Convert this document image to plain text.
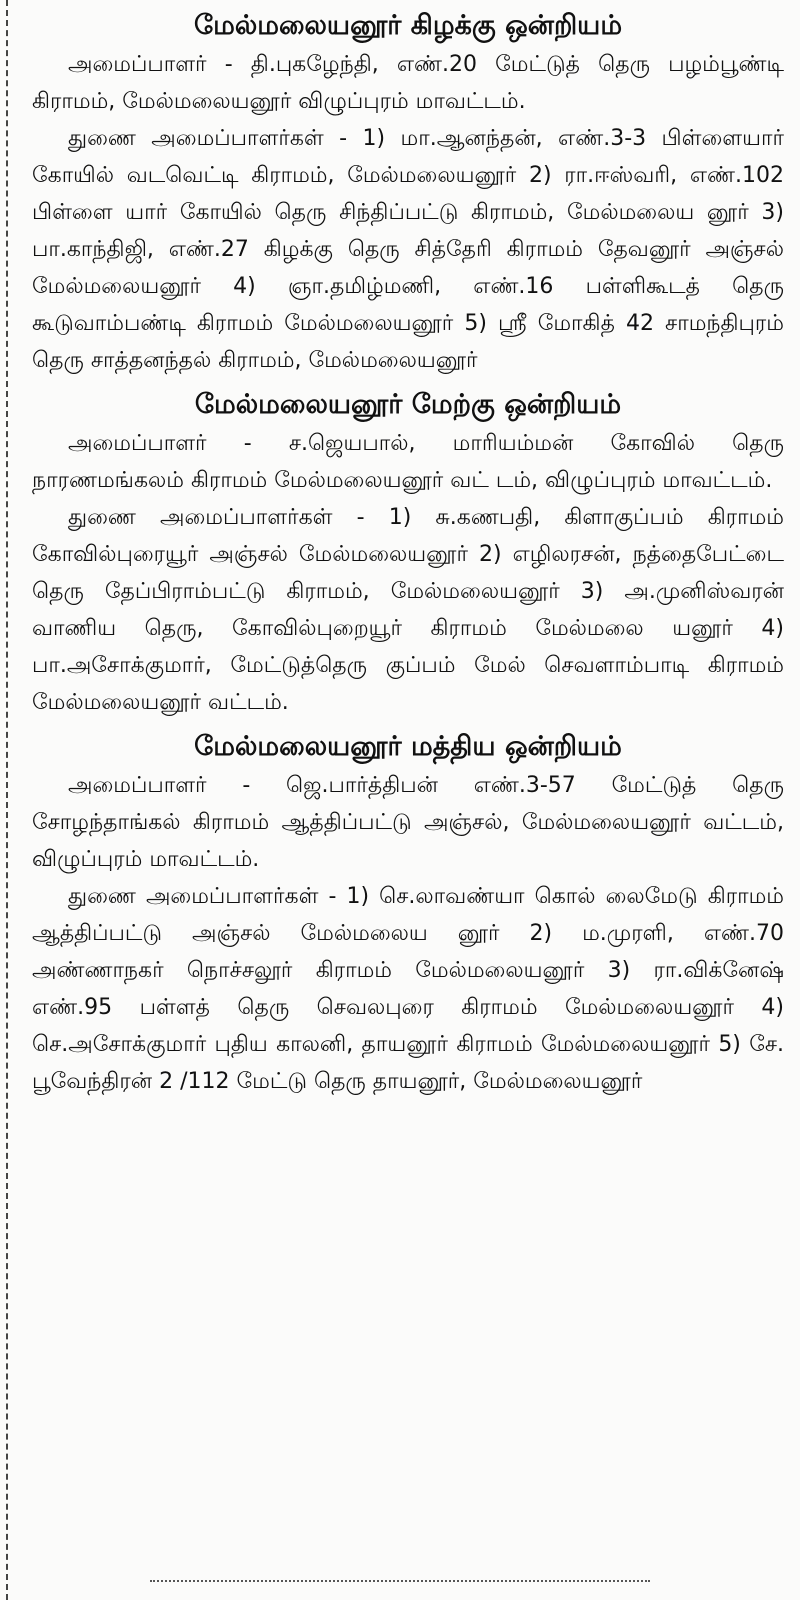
மேல்மலையனூர் கிழக்கு ஒன்றியம்

அமைப்பாளர் - தி.புகழேந்தி, எண்.20 மேட்டுத் தெரு பழம்பூண்டி கிராமம், மேல்மலையனூர் விழுப்புரம் மாவட்டம்.

துணை அமைப்பாளர்கள் - 1) மா.ஆனந்தன், எண்.3-3 பிள்ளையார் கோயில் வடவெட்டி கிராமம், மேல்மலையனூர் 2) ரா.ஈஸ்வரி, எண்.102 பிள்ளை யார் கோயில் தெரு சிந்திப்பட்டு கிராமம், மேல்மலைய னூர் 3) பா.காந்திஜி, எண்.27 கிழக்கு தெரு சித்தேரி கிராமம் தேவனூர் அஞ்சல் மேல்மலையனூர் 4) ஞா.தமிழ்மணி, எண்.16 பள்ளிகூடத் தெரு கூடுவாம்பண்டி கிராமம் மேல்மலையனூர் 5) ஸ்ரீ மோகித் 42 சாமந்திபுரம் தெரு சாத்தனந்தல் கிராமம், மேல்மலையனூர்

மேல்மலையனூர் மேற்கு ஒன்றியம்

அமைப்பாளர் - ச.ஜெயபால், மாரியம்மன் கோவில் தெரு நாரணமங்கலம் கிராமம் மேல்மலையனூர் வட் டம், விழுப்புரம் மாவட்டம்.

துணை அமைப்பாளர்கள் - 1) சு.கணபதி, கிளாகுப்பம் கிராமம் கோவில்புரையூர் அஞ்சல் மேல்மலையனூர் 2) எழிலரசன், நத்தைபேட்டை தெரு தேப்பிராம்பட்டு கிராமம், மேல்மலையனூர் 3) அ.முனிஸ்வரன் வாணிய தெரு, கோவில்புறையூர் கிராமம் மேல்மலை யனூர் 4) பா.அசோக்குமார், மேட்டுத்தெரு குப்பம் மேல் செவளாம்பாடி கிராமம் மேல்மலையனூர் வட்டம்.

மேல்மலையனூர் மத்திய ஒன்றியம்

அமைப்பாளர் - ஜெ.பார்த்திபன் எண்.3-57 மேட்டுத் தெரு சோழந்தாங்கல் கிராமம் ஆத்திப்பட்டு அஞ்சல், மேல்மலையனூர் வட்டம், விழுப்புரம் மாவட்டம்.

துணை அமைப்பாளர்கள் - 1) செ.லாவண்யா கொல் லைமேடு கிராமம் ஆத்திப்பட்டு அஞ்சல் மேல்மலைய னூர் 2) ம.முரளி, எண்.70 அண்ணாநகர் நொச்சலூர் கிராமம் மேல்மலையனூர் 3) ரா.விக்னேஷ் எண்.95 பள்ளத் தெரு செவலபுரை கிராமம் மேல்மலையனூர் 4) செ.அசோக்குமார் புதிய காலனி, தாயனூர் கிராமம் மேல்மலையனூர் 5) சே. பூவேந்திரன் 2 /112 மேட்டு தெரு தாயனூர், மேல்மலையனூர்
